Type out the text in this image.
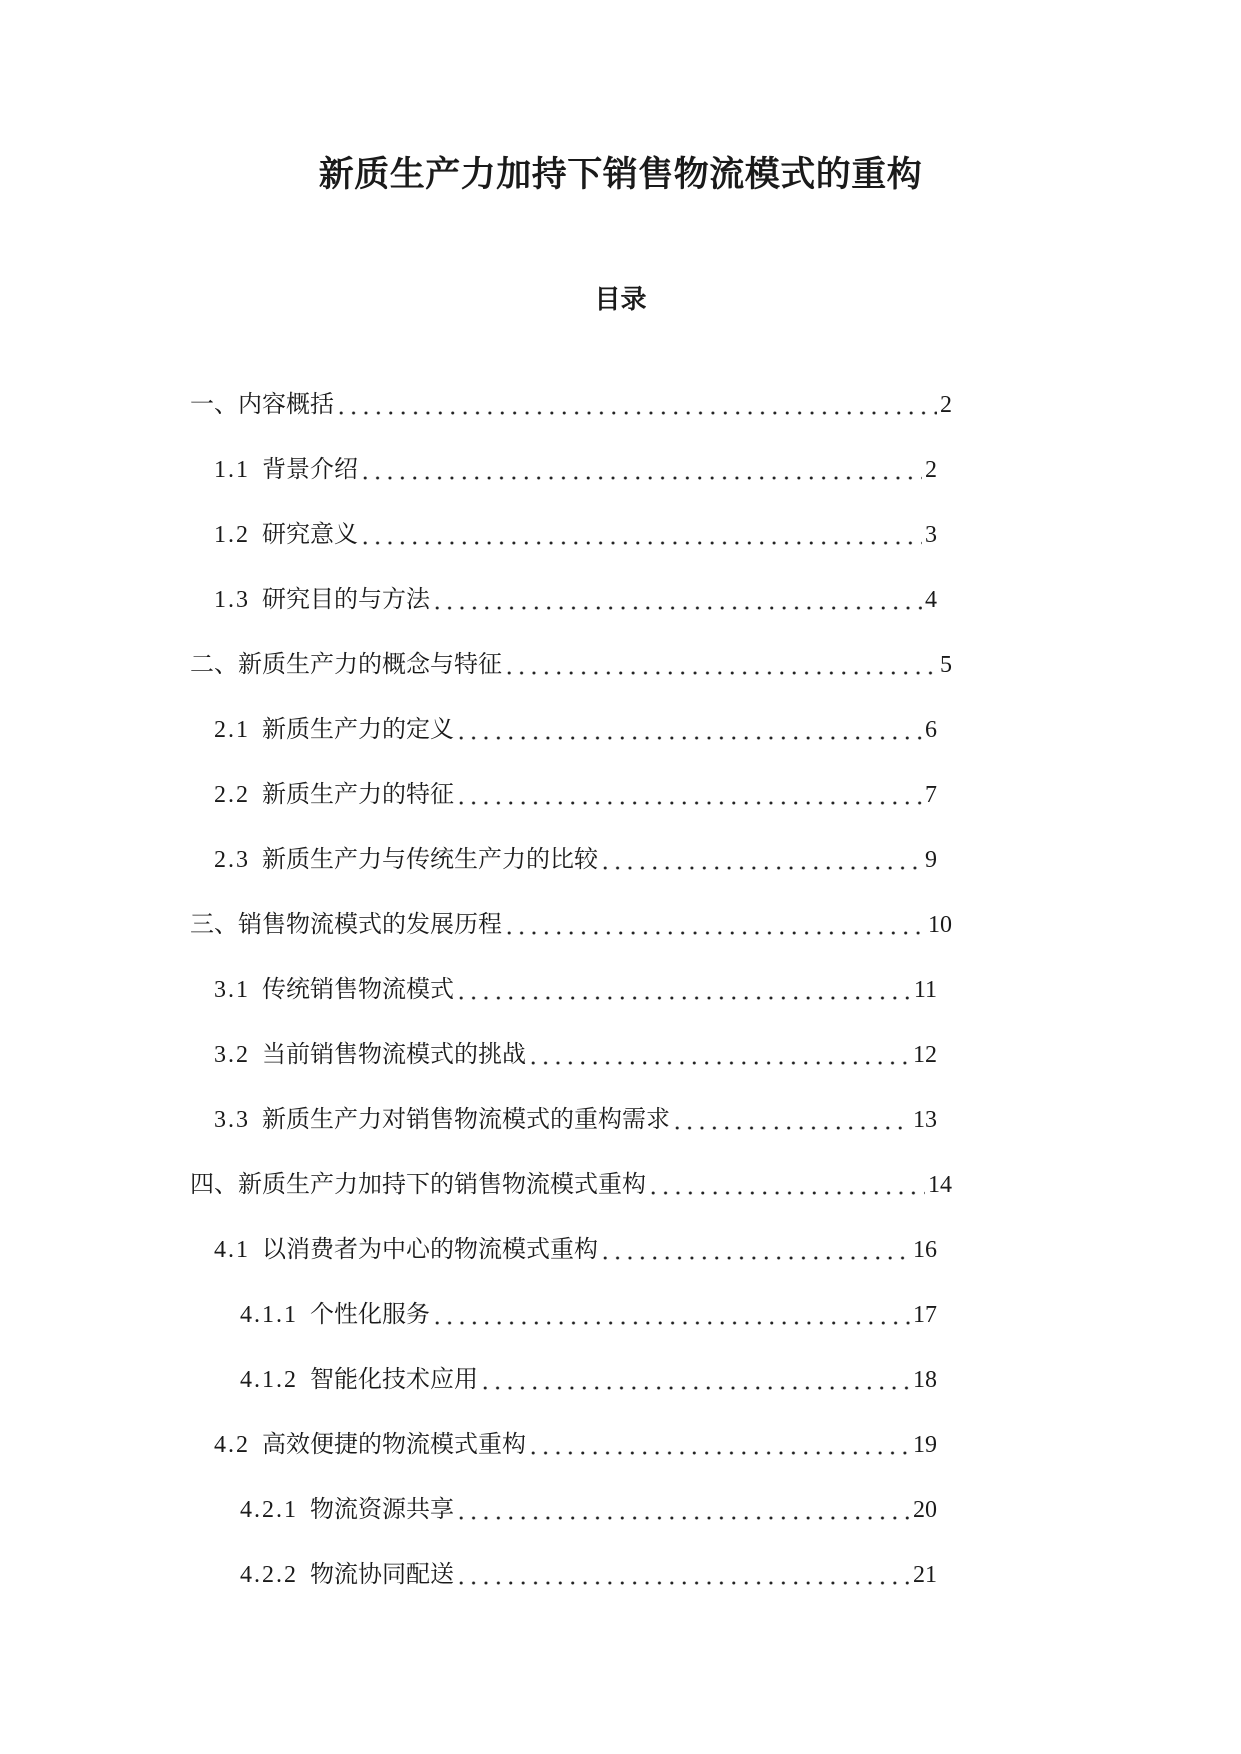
新质生产力加持下销售物流模式的重构
目录
一、 内容概括	2
1.1 背景介绍	2
1.2 研究意义	3
1.3 研究目的与方法	4
二、 新质生产力的概念与特征	5
2.1 新质生产力的定义	6
2.2 新质生产力的特征	7
2.3 新质生产力与传统生产力的比较	9
三、 销售物流模式的发展历程	10
3.1 传统销售物流模式	11
3.2 当前销售物流模式的挑战	12
3.3 新质生产力对销售物流模式的重构需求	13
四、 新质生产力加持下的销售物流模式重构	14
4.1 以消费者为中心的物流模式重构	16
4.1.1 个性化服务	17
4.1.2 智能化技术应用	18
4.2 高效便捷的物流模式重构	19
4.2.1 物流资源共享	20
4.2.2 物流协同配送	21
